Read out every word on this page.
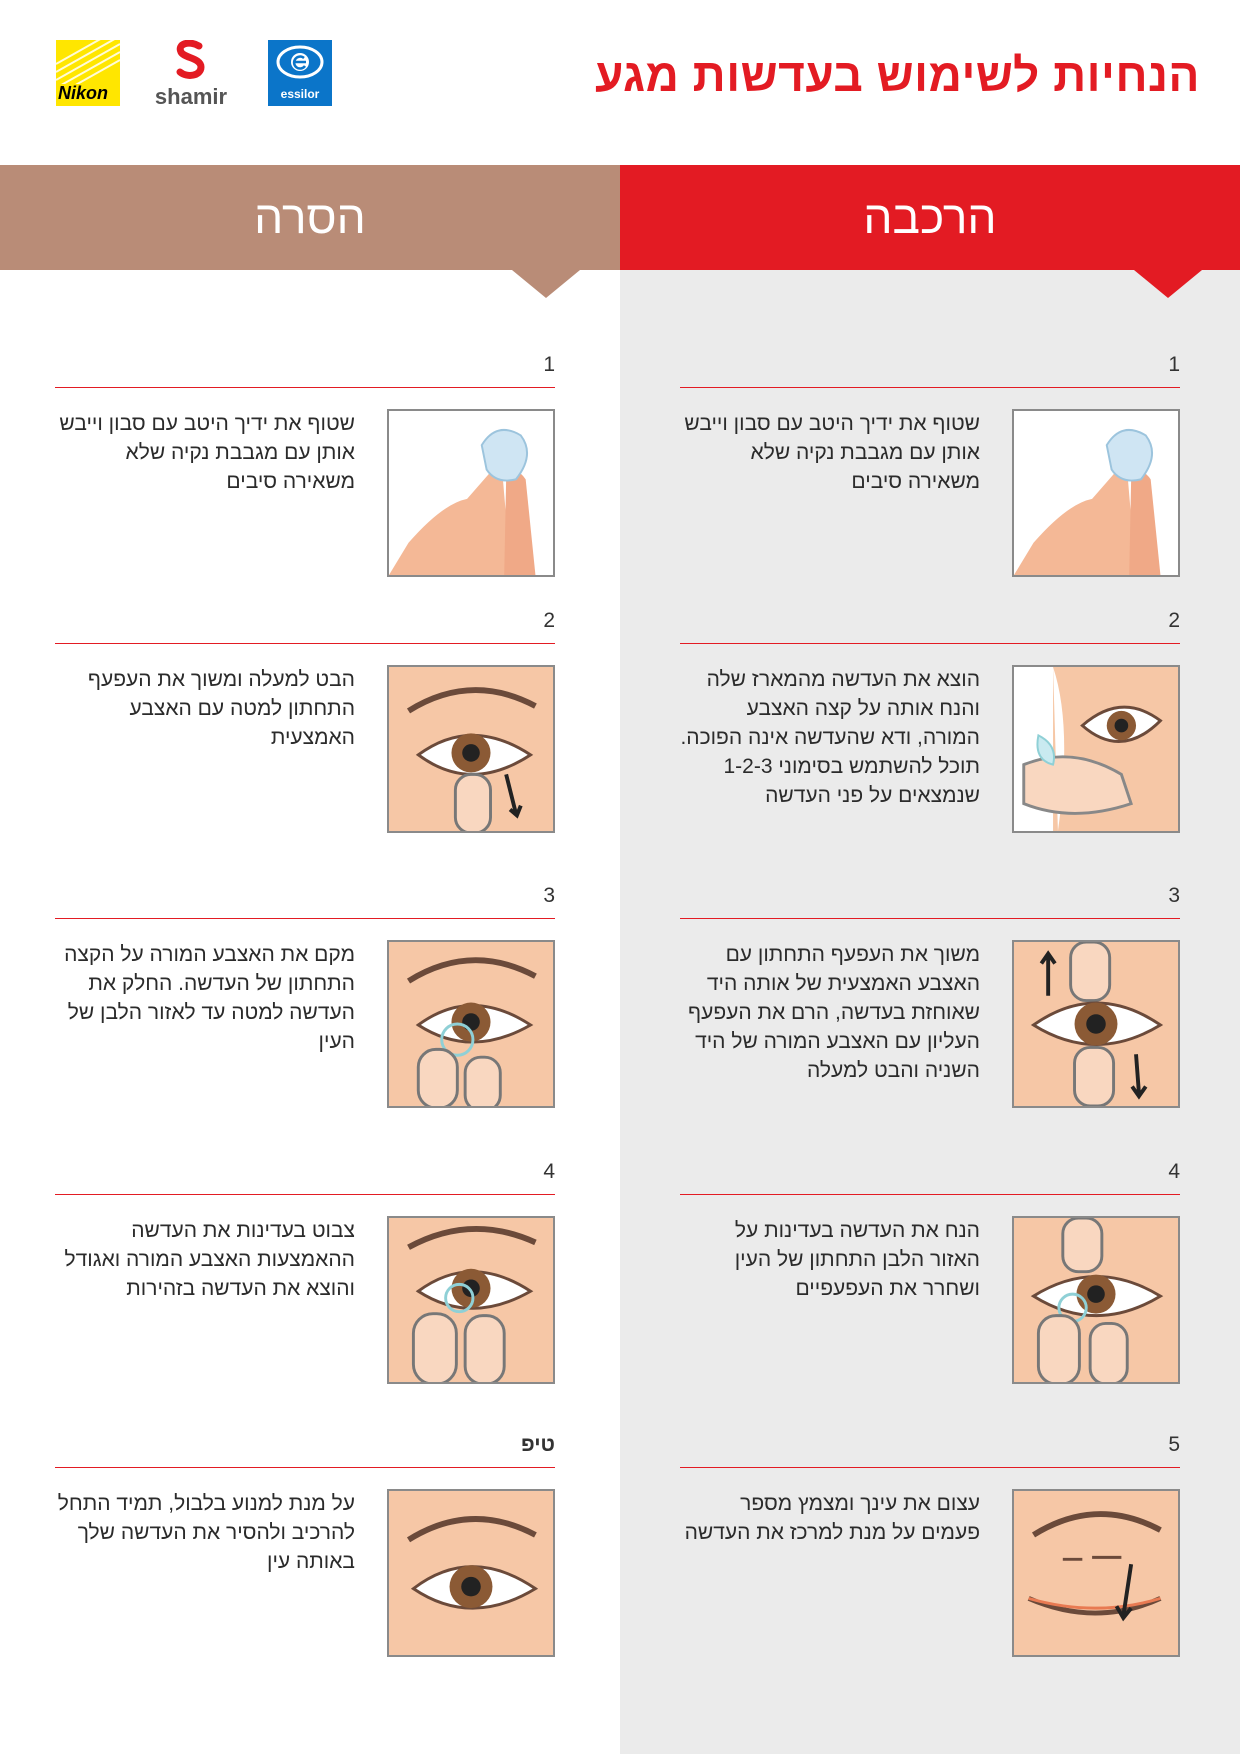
הנחיות לשימוש בעדשות מגע
Nikon shamir	essilor
הסרה	הרכבה
1
שטוף את ידיך היטב עם סבון וייבש אותן עם מגבבת נקיה שלא משאירה סיבים
2
הבט למעלה ומשוך את העפעף התחתון למטה עם האצבע האמצעית
3
מקם את האצבע המורה על הקצה התחתון של העדשה. החלק את העדשה למטה עד לאזור הלבן של העין
4
צבוט בעדינות את העדשה ההאמצעות האצבע המורה ואגודל והוצא את העדשה בזהירות
טיפ
על מנת למנוע בלבול, תמיד התחל להרכיב ולהסיר את העדשה שלך באותה עין
1
שטוף את ידיך היטב עם סבון וייבש אותן עם מגבבת נקיה שלא משאירה סיבים
2
הוצא את העדשה מהמארז שלה והנח אותה על קצה האצבע המורה, ודא שהעדשה אינה הפוכה. תוכל להשתמש בסימוני 1-2-3 שנמצאים על פני העדשה
3
משוך את העפעף התחתון עם האצבע האמצעית של אותה היד שאוחזת בעדשה, הרם את העפעף העליון עם האצבע המורה של היד השניה והבט למעלה
4
הנח את העדשה בעדינות על האזור הלבן התחתון של העין ושחרר את העפעפיים
5
עצום את עינך ומצמץ מספר פעמים על מנת למרכז את העדשה
